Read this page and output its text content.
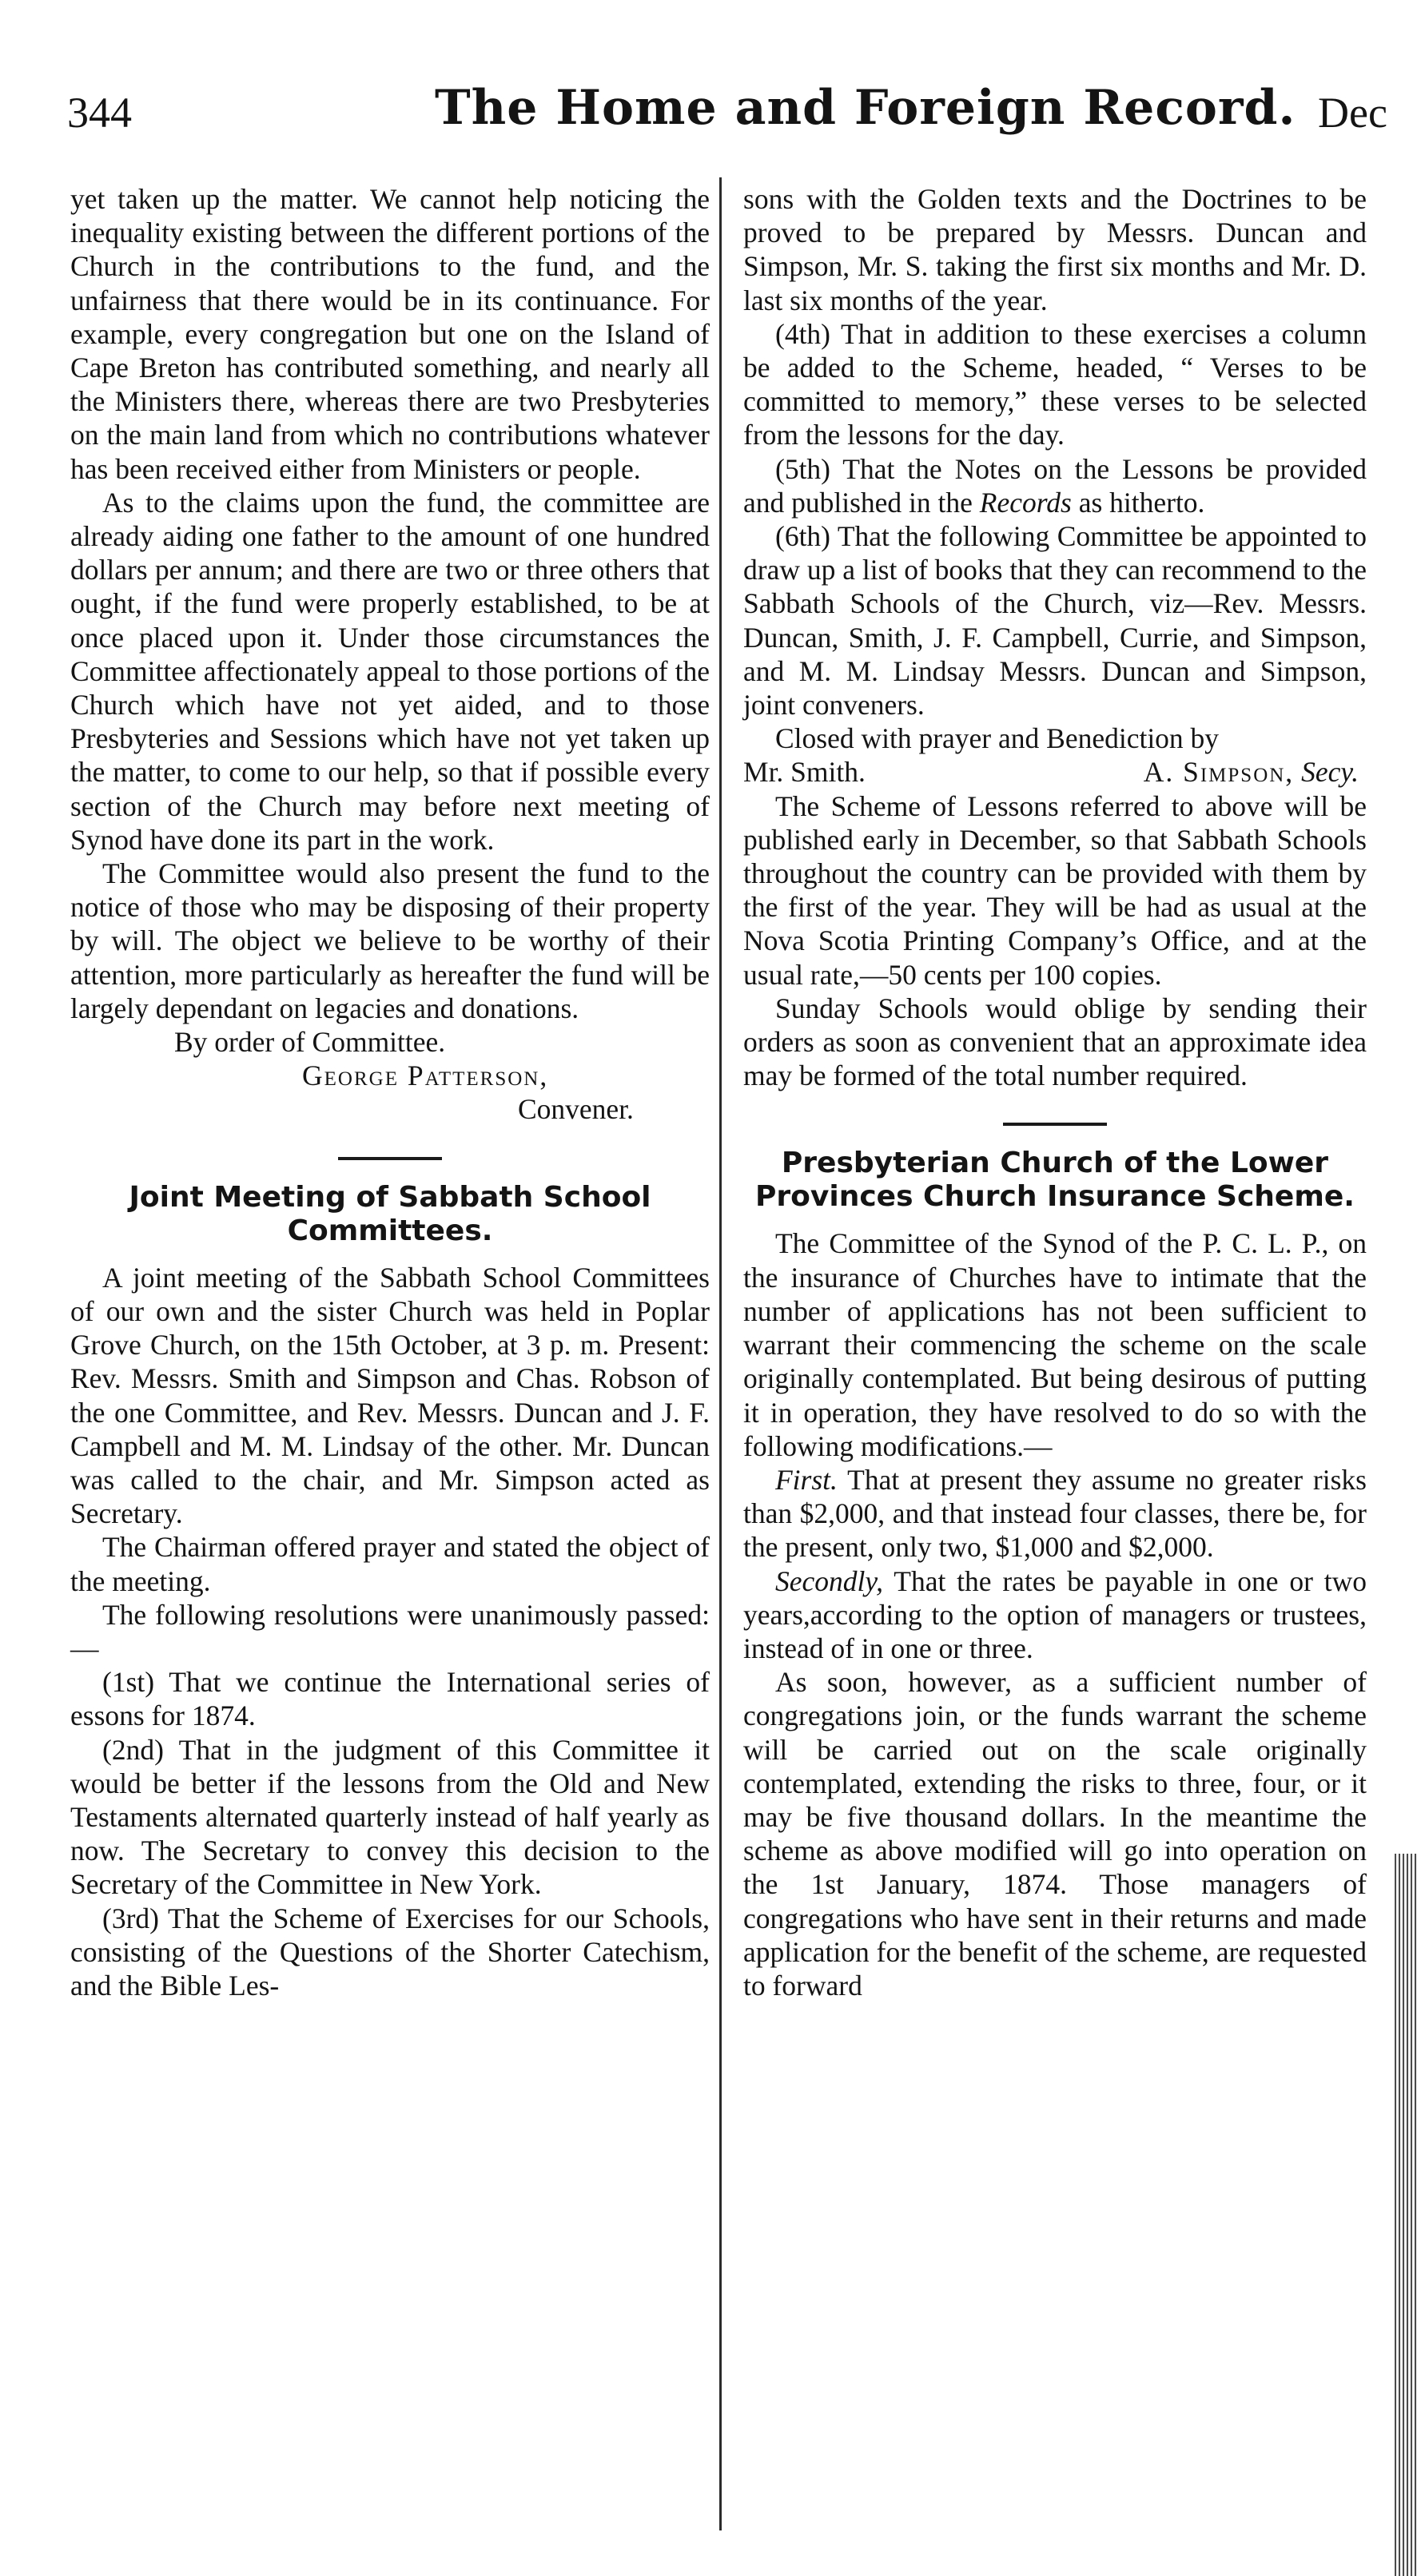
344	The Home and Foreign Record. Dec

yet taken up the matter. We cannot help noticing the inequality existing between the different portions of the Church in the contributions to the fund, and the unfairness that there would be in its continuance. For example, every congregation but one on the Island of Cape Breton has contributed something, and nearly all the Ministers there, whereas there are two Presbyteries on the main land from which no contributions whatever has been received either from Ministers or people.

As to the claims upon the fund, the committee are already aiding one father to the amount of one hundred dollars per annum; and there are two or three others that ought, if the fund were properly established, to be at once placed upon it. Under those circumstances the Committee affectionately appeal to those portions of the Church which have not yet aided, and to those Presbyteries and Sessions which have not yet taken up the matter, to come to our help, so that if possible every section of the Church may before next meeting of Synod have done its part in the work.

The Committee would also present the fund to the notice of those who may be disposing of their property by will. The object we believe to be worthy of their attention, more particularly as hereafter the fund will be largely dependant on legacies and donations.

By order of Committee.
George Patterson,
Convener.
Joint Meeting of Sabbath School Committees.

A joint meeting of the Sabbath School Committees of our own and the sister Church was held in Poplar Grove Church, on the 15th October, at 3 p. m. Present: Rev. Messrs. Smith and Simpson and Chas. Robson of the one Committee, and Rev. Messrs. Duncan and J. F. Campbell and M. M. Lindsay of the other. Mr. Duncan was called to the chair, and Mr. Simpson acted as Secretary.

The Chairman offered prayer and stated the object of the meeting.

The following resolutions were unanimously passed:—

(1st) That we continue the International series of essons for 1874.

(2nd) That in the judgment of this Committee it would be better if the lessons from the Old and New Testaments alternated quarterly instead of half yearly as now. The Secretary to convey this decision to the Secretary of the Committee in New York.

(3rd) That the Scheme of Exercises for our Schools, consisting of the Questions of the Shorter Catechism, and the Bible Les-

sons with the Golden texts and the Doctrines to be proved to be prepared by Messrs. Duncan and Simpson, Mr. S. taking the first six months and Mr. D. last six months of the year.

(4th) That in addition to these exercises a column be added to the Scheme, headed, “ Verses to be committed to memory,” these verses to be selected from the lessons for the day.

(5th) That the Notes on the Lessons be provided and published in the Records as hitherto.

(6th) That the following Committee be appointed to draw up a list of books that they can recommend to the Sabbath Schools of the Church, viz—Rev. Messrs. Duncan, Smith, J. F. Campbell, Currie, and Simpson, and M. M. Lindsay Messrs. Duncan and Simpson, joint conveners.

Closed with prayer and Benediction by

Mr. Smith.	A. Simpson, Secy.

The Scheme of Lessons referred to above will be published early in December, so that Sabbath Schools throughout the country can be provided with them by the first of the year. They will be had as usual at the Nova Scotia Printing Company’s Office, and at the usual rate,—50 cents per 100 copies.

Sunday Schools would oblige by sending their orders as soon as convenient that an approximate idea may be formed of the total number required.

Presbyterian Church of the Lower Provinces Church Insurance Scheme.

The Committee of the Synod of the P. C. L. P., on the insurance of Churches have to intimate that the number of applications has not been sufficient to warrant their commencing the scheme on the scale originally contemplated. But being desirous of putting it in operation, they have resolved to do so with the following modifications.—

First. That at present they assume no greater risks than $2,000, and that instead four classes, there be, for the present, only two, $1,000 and $2,000.

Secondly, That the rates be payable in one or two years,according to the option of managers or trustees, instead of in one or three.

As soon, however, as a sufficient number of congregations join, or the funds warrant the scheme will be carried out on the scale originally contemplated, extending the risks to three, four, or it may be five thousand dollars. In the meantime the scheme as above modified will go into operation on the 1st January, 1874. Those managers of congregations who have sent in their returns and made application for the benefit of the scheme, are requested to forward
